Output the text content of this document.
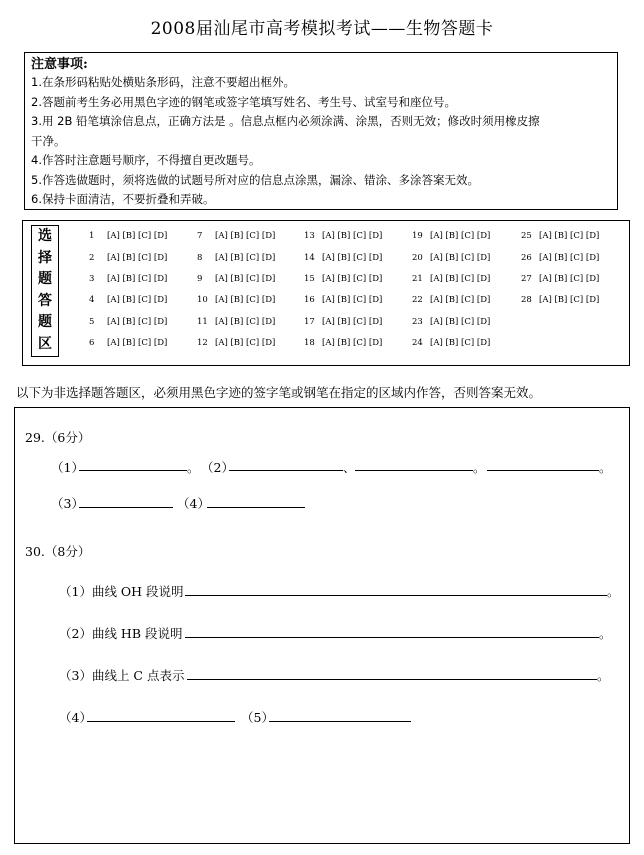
2008届汕尾市高考模拟考试——生物答题卡
注意事项:
1.在条形码粘贴处横贴条形码，注意不要超出框外。
2.答题前考生务必用黑色字迹的钢笔或签字笔填写姓名、考生号、试室号和座位号。
3.用 2B 铅笔填涂信息点，正确方法是 。信息点框内必须涂满、涂黑，否则无效；修改时须用橡皮擦
干净。
4.作答时注意题号顺序，不得擅自更改题号。
5.作答选做题时，须将选做的试题号所对应的信息点涂黑，漏涂、错涂、多涂答案无效。
6.保持卡面清洁，不要折叠和弄破。
选
择
题
答
题
区
1 [A] [B] [C] [D]
2 [A] [B] [C] [D]
3 [A] [B] [C] [D]
4 [A] [B] [C] [D]
5 [A] [B] [C] [D]
6 [A] [B] [C] [D]
7 [A] [B] [C] [D]
8 [A] [B] [C] [D]
9 [A] [B] [C] [D]
10 [A] [B] [C] [D]
11 [A] [B] [C] [D]
12 [A] [B] [C] [D]
13 [A] [B] [C] [D]
14 [A] [B] [C] [D]
15 [A] [B] [C] [D]
16 [A] [B] [C] [D]
17 [A] [B] [C] [D]
18 [A] [B] [C] [D]
19 [A] [B] [C] [D]
20 [A] [B] [C] [D]
21 [A] [B] [C] [D]
22 [A] [B] [C] [D]
23 [A] [B] [C] [D]
24 [A] [B] [C] [D]
25 [A] [B] [C] [D]
26 [A] [B] [C] [D]
27 [A] [B] [C] [D]
28 [A] [B] [C] [D]
以下为非选择题答题区，必须用黑色字迹的签字笔或钢笔在指定的区域内作答，否则答案无效。
29.（6分）
（1）	。 （2）	、	。	。
（3）	（4）
30.（8分）
（1）曲线 OH 段说明	。
（2）曲线 HB 段说明	。
（3）曲线上 C 点表示	。
（4）	（5）
